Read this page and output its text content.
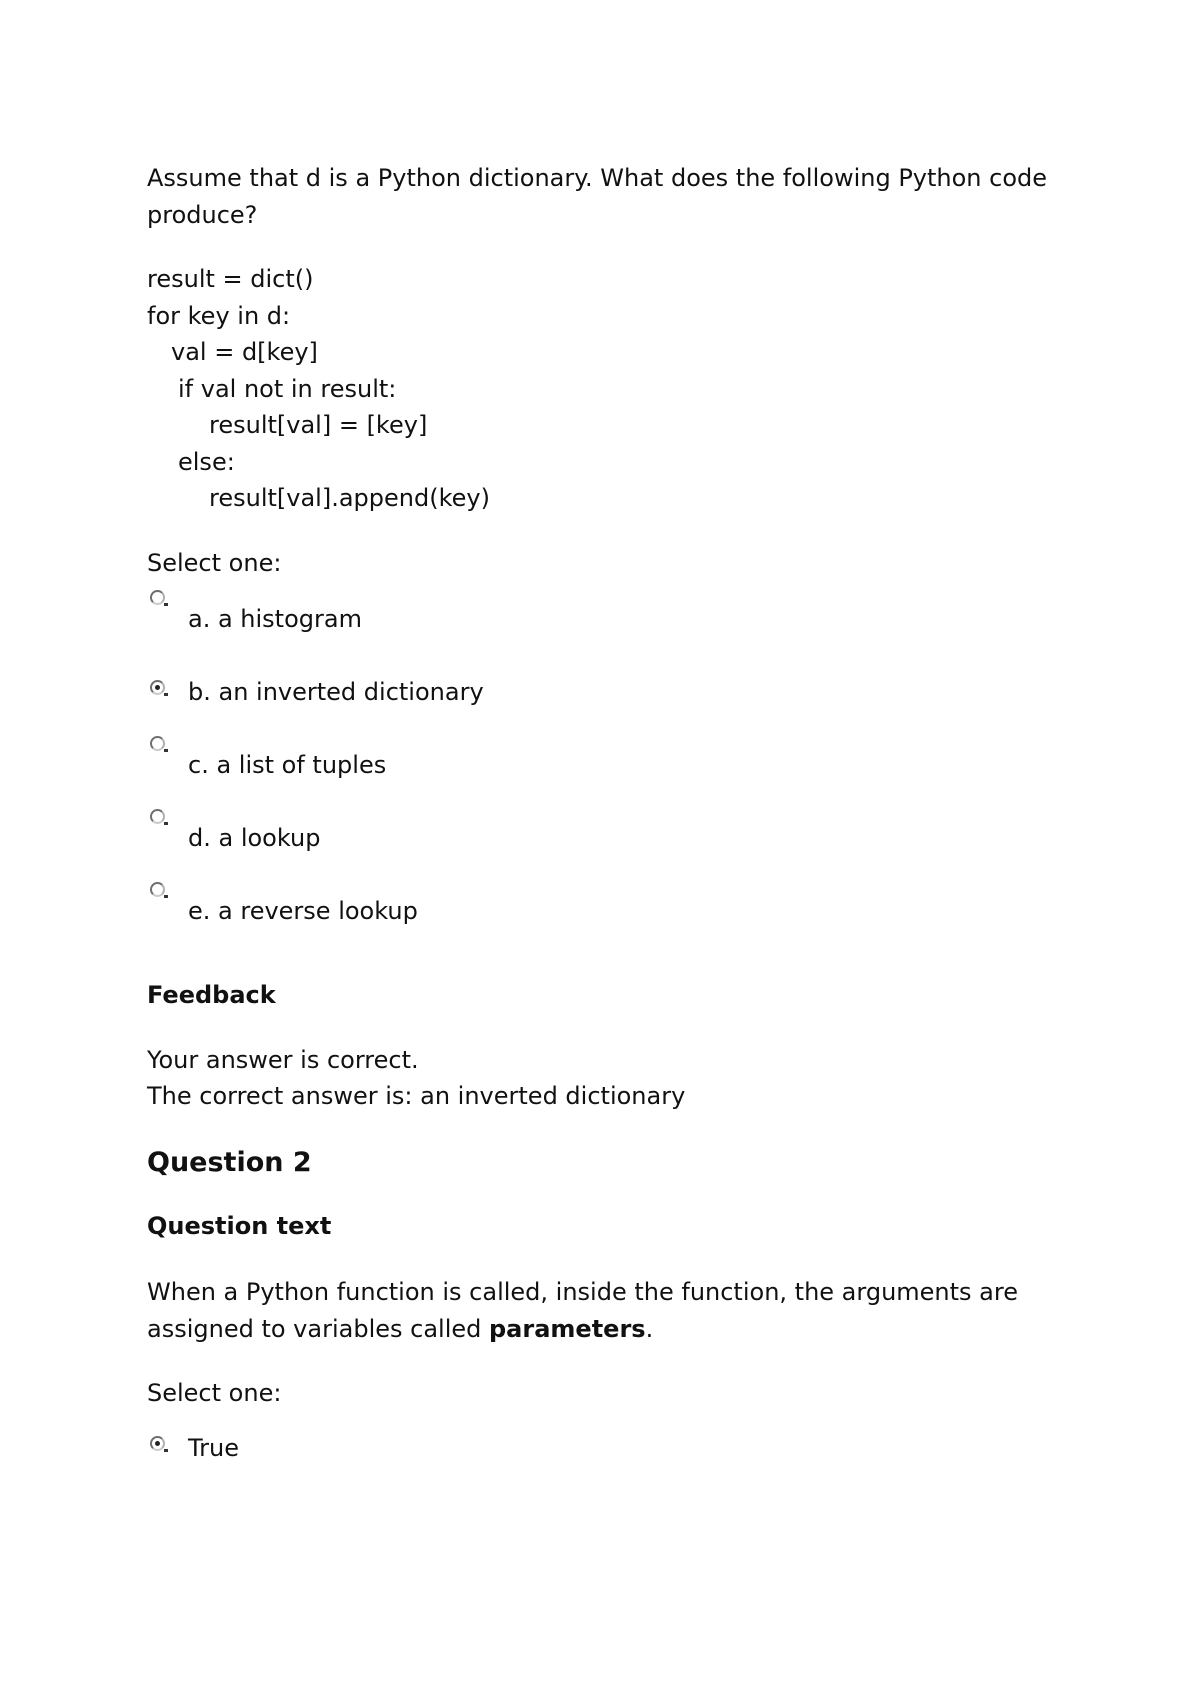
Assume that d is a Python dictionary. What does the following Python code
produce?
result = dict()
for key in d:
val = d[key]
if val not in result:
result[val] = [key]
else:
result[val].append(key)
Select one:
a. a histogram
b. an inverted dictionary
c. a list of tuples
d. a lookup
e. a reverse lookup
Feedback
Your answer is correct.
The correct answer is: an inverted dictionary
Question 2
Question text
When a Python function is called, inside the function, the arguments are
assigned to variables called parameters.
Select one:
True
